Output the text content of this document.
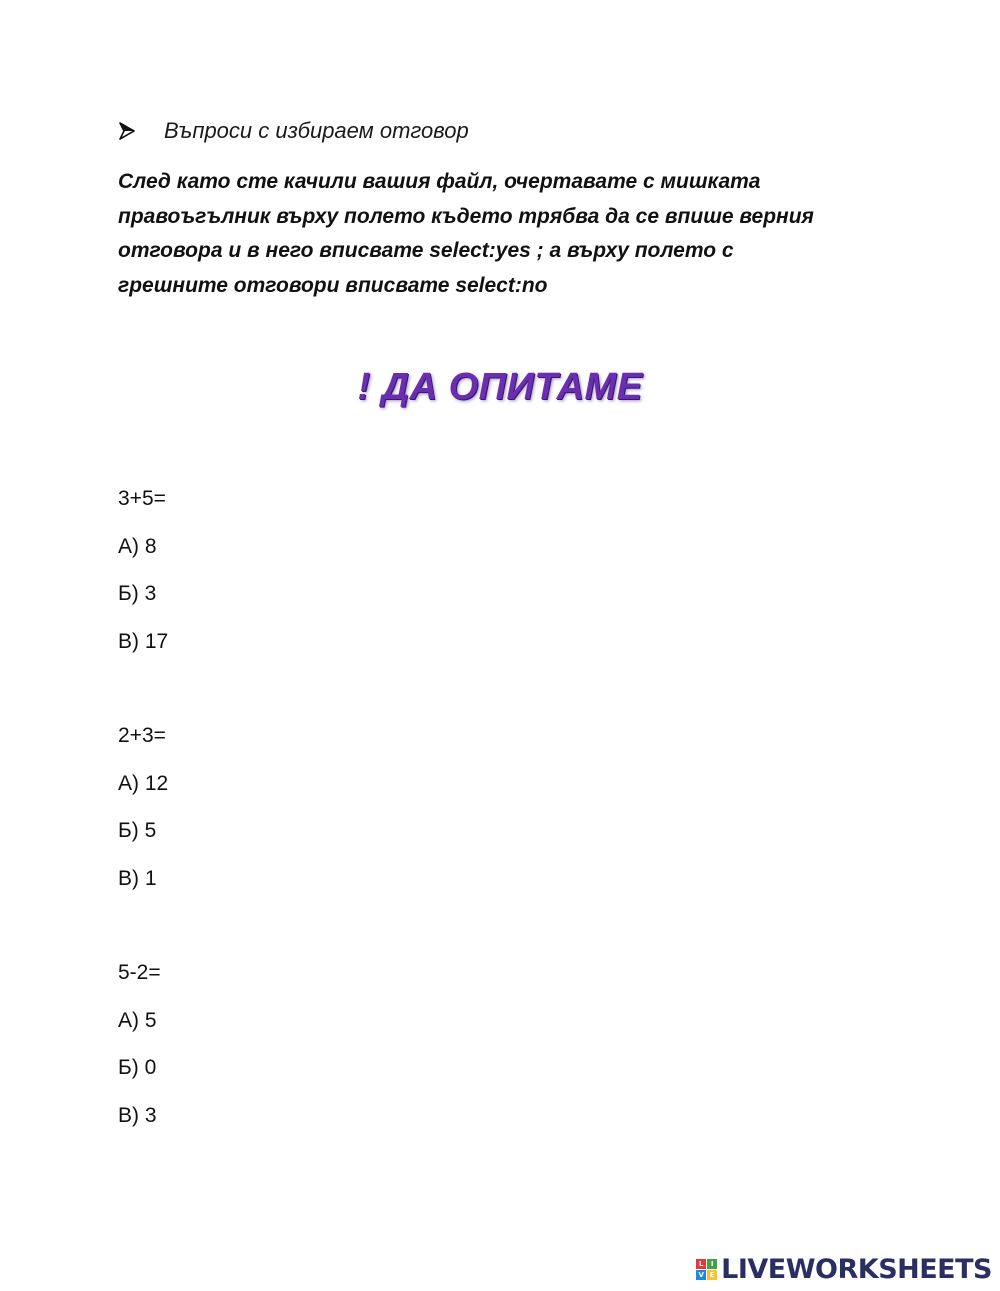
Въпроси с избираем отговор

След като сте качили вашия файл, очертавате с мишката

правоъгълник върху полето където трябва да се впише верния

отговора и в него вписвате select:yes ; а върху полето с

грешните отговори вписвате select:no

! ДА ОПИТАМЕ
3+5=
А) 8
Б) 3
В) 17
2+3=
А) 12
Б) 5
В) 1
5-2=
А) 5
Б) 0
В) 3
L	I
V E LIVEWORKSHEETS
